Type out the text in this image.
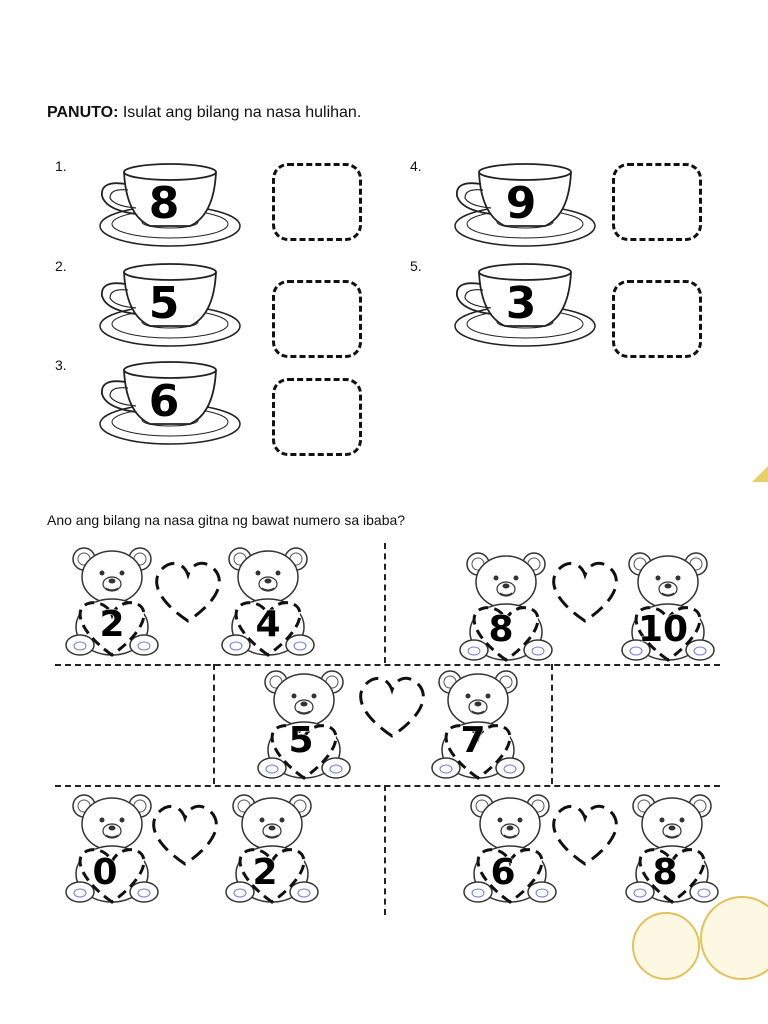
PANUTO: Isulat ang bilang na nasa hulihan.
1.
8
2.
5
3.
6
4.
9
5.
3
Ano ang bilang na nasa gitna ng bawat numero sa ibaba?
2	4	8	10
5	7
0	2	6	8
